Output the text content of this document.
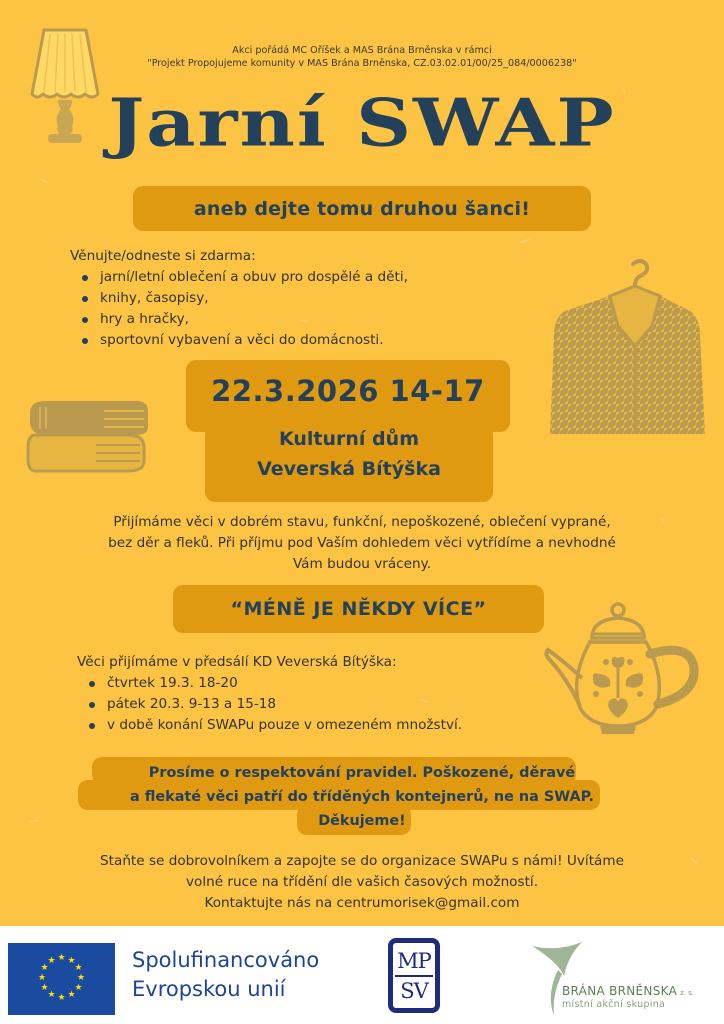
Akci pořádá MC Oříšek a MAS Brána Brněnska v rámci
"Projekt Propojujeme komunity v MAS Brána Brněnska, CZ.03.02.01/00/25_084/0006238"
Jarní SWAP
aneb dejte tomu druhou šanci!
Věnujte/odneste si zdarma:
jarní/letní oblečení a obuv pro dospělé a děti,
knihy, časopisy,
hry a hračky,
sportovní vybavení a věci do domácnosti.
22.3.2026 14-17
Kulturní dům
Veverská Bítýška
Přijímáme věci v dobrém stavu, funkční, nepoškozené, oblečení vyprané,
bez děr a fleků. Při příjmu pod Vaším dohledem věci vytřídíme a nevhodné
Vám budou vráceny.
“MÉNĚ JE NĚKDY VÍCE”
Věci přijímáme v předsálí KD Veverská Bítýška:
čtvrtek 19.3. 18-20
pátek 20.3. 9-13 a 15-18
v době konání SWAPu pouze v omezeném množství.
Prosíme o respektování pravidel. Poškozené, děravé
a flekaté věci patří do tříděných kontejnerů, ne na SWAP.
Děkujeme!
Staňte se dobrovolníkem a zapojte se do organizace SWAPu s námi! Uvítáme
volné ruce na třídění dle vašich časových možností.
Kontaktujte nás na centrumorisek@gmail.com
★ ★
★
★
★
★
★
★
★
★
★
★	Spolufinancováno
Evropskou unií
MP
SV	BRÁNA BRNĚNSKA z. s.
místní akční skupina
